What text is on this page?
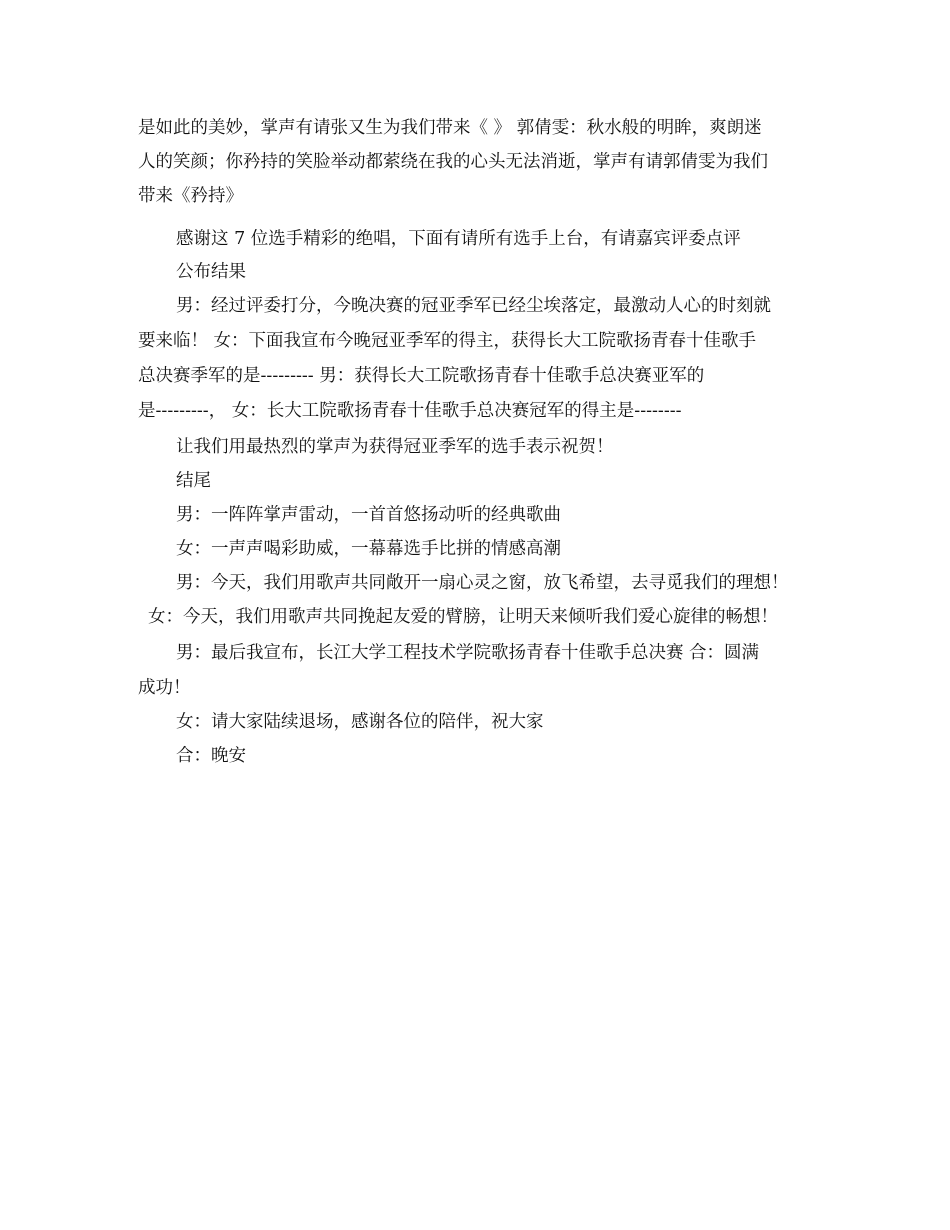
是如此的美妙，掌声有请张又生为我们带来《 》 郭倩雯：秋水般的明眸，爽朗迷
人的笑颜；你矜持的笑脸举动都萦绕在我的心头无法消逝，掌声有请郭倩雯为我们
带来《矜持》
感谢这 7 位选手精彩的绝唱，下面有请所有选手上台，有请嘉宾评委点评
公布结果
男：经过评委打分，今晚决赛的冠亚季军已经尘埃落定，最激动人心的时刻就
要来临！ 女：下面我宣布今晚冠亚季军的得主，获得长大工院歌扬青春十佳歌手
总决赛季军的是--------- 男：获得长大工院歌扬青春十佳歌手总决赛亚军的
是---------， 女：长大工院歌扬青春十佳歌手总决赛冠军的得主是--------
让我们用最热烈的掌声为获得冠亚季军的选手表示祝贺！
结尾
男：一阵阵掌声雷动，一首首悠扬动听的经典歌曲
女：一声声喝彩助威，一幕幕选手比拼的情感高潮
男：今天，我们用歌声共同敞开一扇心灵之窗，放飞希望，去寻觅我们的理想！
女：今天，我们用歌声共同挽起友爱的臂膀，让明天来倾听我们爱心旋律的畅想！
男：最后我宣布，长江大学工程技术学院歌扬青春十佳歌手总决赛 合：圆满
成功！
女：请大家陆续退场，感谢各位的陪伴，祝大家
合：晚安
